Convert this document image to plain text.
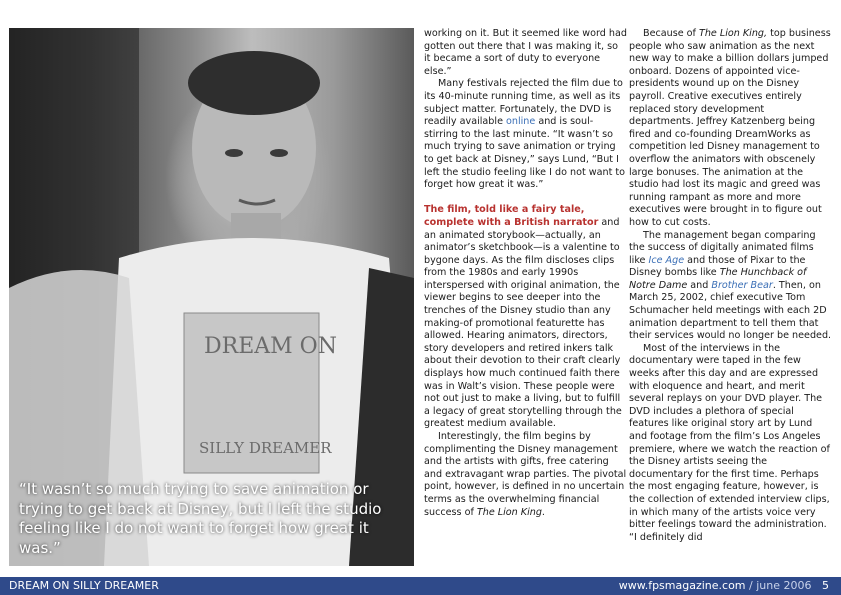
DREAM ON
SILLY DREAMER
“It wasn’t so much trying to save animation or trying to get back at Disney, but I left the studio feeling like I do not want to forget how great it was.”

working on it. But it seemed like word had gotten out there that I was making it, so it became a sort of duty to everyone else.”

Many festivals rejected the film due to its 40-minute running time, as well as its subject matter. Fortunately, the DVD is readily available online and is soul-stirring to the last minute. “It wasn’t so much trying to save animation or trying to get back at Disney,” says Lund, “But I left the studio feeling like I do not want to forget how great it was.”

The film, told like a fairy tale, complete with a British narrator and an animated storybook—actually, an animator’s sketchbook—is a valentine to bygone days. As the film discloses clips from the 1980s and early 1990s interspersed with original animation, the viewer begins to see deeper into the trenches of the Disney studio than any making-of promotional featurette has allowed. Hearing animators, directors, story developers and retired inkers talk about their devotion to their craft clearly displays how much continued faith there was in Walt’s vision. These people were not out just to make a living, but to fulfill a legacy of great storytelling through the greatest medium available.

Interestingly, the film begins by complimenting the Disney management and the artists with gifts, free catering and extravagant wrap parties. The pivotal point, however, is defined in no uncertain terms as the overwhelming financial success of The Lion King.

Because of The Lion King, top business people who saw animation as the next new way to make a billion dollars jumped onboard. Dozens of appointed vice-presidents wound up on the Disney payroll. Creative executives entirely replaced story development departments. Jeffrey Katzenberg being fired and co-founding DreamWorks as competition led Disney management to overflow the animators with obscenely large bonuses. The animation at the studio had lost its magic and greed was running rampant as more and more executives were brought in to figure out how to cut costs.

The management began comparing the success of digitally animated films like Ice Age and those of Pixar to the Disney bombs like The Hunchback of Notre Dame and Brother Bear. Then, on March 25, 2002, chief executive Tom Schumacher held meetings with each 2D animation department to tell them that their services would no longer be needed.

Most of the interviews in the documentary were taped in the few weeks after this day and are expressed with eloquence and heart, and merit several replays on your DVD player. The DVD includes a plethora of special features like original story art by Lund and footage from the film’s Los Angeles premiere, where we watch the reaction of the Disney artists seeing the documentary for the first time. Perhaps the most engaging feature, however, is the collection of extended interview clips, in which many of the artists voice very bitter feelings toward the administration. “I definitely did

DREAM ON SILLY DREAMER	www.fpsmagazine.com / june 2006 5
